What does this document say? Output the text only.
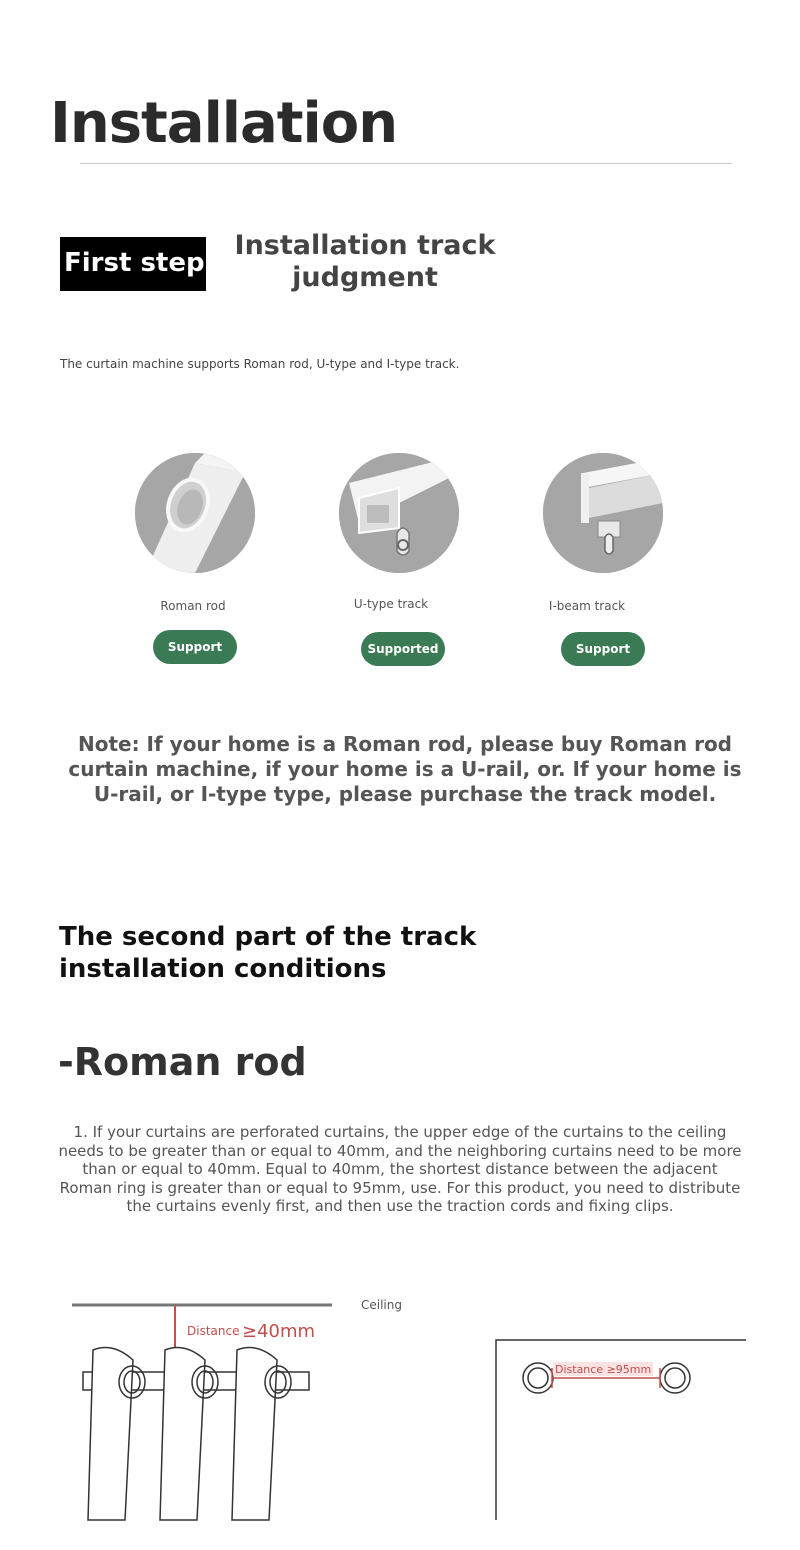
Installation
First step
Installation track judgment
The curtain machine supports Roman rod, U-type and I-type track.
Roman rod	U-type track	I-beam track
Support	Supported	Support
Note: If your home is a Roman rod, please buy Roman rod curtain machine, if your home is a U-rail, or. If your home is U-rail, or I-type type, please purchase the track model.
The second part of the track installation conditions
-Roman rod
1. If your curtains are perforated curtains, the upper edge of the curtains to the ceiling needs to be greater than or equal to 40mm, and the neighboring curtains need to be more than or equal to 40mm. Equal to 40mm, the shortest distance between the adjacent Roman ring is greater than or equal to 95mm, use. For this product, you need to distribute the curtains evenly first, and then use the traction cords and fixing clips.
Ceiling
Distance ≥40mm
Distance ≥95mm
